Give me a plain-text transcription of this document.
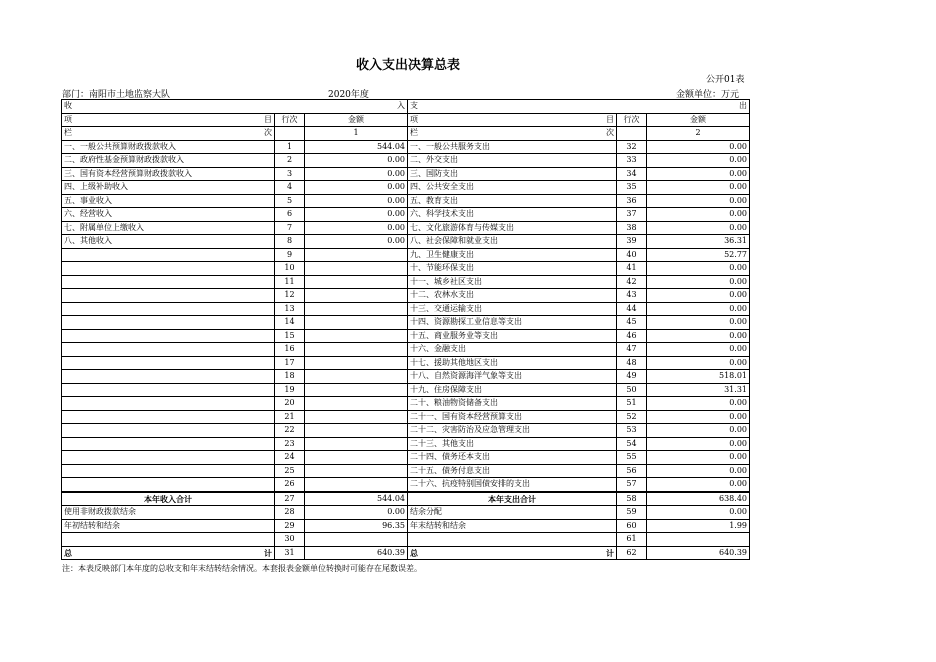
收入支出决算总表
公开01表
部门：南阳市土地监察大队	2020年度	金额单位：万元
收 入			支 出		

项 目	行次	金额	项 目	行次	金额

栏 次		1	栏 次		2
一、一般公共预算财政拨款收入	1	544.04	一、一般公共服务支出	32	0.00
二、政府性基金预算财政拨款收入	2	0.00	二、外交支出	33	0.00
三、国有资本经营预算财政拨款收入	3	0.00	三、国防支出	34	0.00
四、上级补助收入	4	0.00	四、公共安全支出	35	0.00
五、事业收入	5	0.00	五、教育支出	36	0.00
六、经营收入	6	0.00	六、科学技术支出	37	0.00
七、附属单位上缴收入	7	0.00	七、文化旅游体育与传媒支出	38	0.00
八、其他收入	8	0.00	八、社会保障和就业支出	39	36.31
	9		九、卫生健康支出	40	52.77
	10		十、节能环保支出	41	0.00
	11		十一、城乡社区支出	42	0.00
	12		十二、农林水支出	43	0.00
	13		十三、交通运输支出	44	0.00
	14		十四、资源勘探工业信息等支出	45	0.00
	15		十五、商业服务业等支出	46	0.00
	16		十六、金融支出	47	0.00
	17		十七、援助其他地区支出	48	0.00
	18		十八、自然资源海洋气象等支出	49	518.01
	19		十九、住房保障支出	50	31.31
	20		二十、粮油物资储备支出	51	0.00
	21		二十一、国有资本经营预算支出	52	0.00
	22		二十二、灾害防治及应急管理支出	53	0.00
	23		二十三、其他支出	54	0.00
	24		二十四、债务还本支出	55	0.00
	25		二十五、债务付息支出	56	0.00
	26		二十六、抗疫特别国债安排的支出	57	0.00
本年收入合计	27	544.04	本年支出合计	58	638.40
使用非财政拨款结余	28	0.00	结余分配	59	0.00
年初结转和结余	29	96.35	年末结转和结余	60	1.99
	30			61	

总 计	31	640.39	总 计	62	640.39
注：本表反映部门本年度的总收支和年末结转结余情况。本套报表金额单位转换时可能存在尾数误差。
